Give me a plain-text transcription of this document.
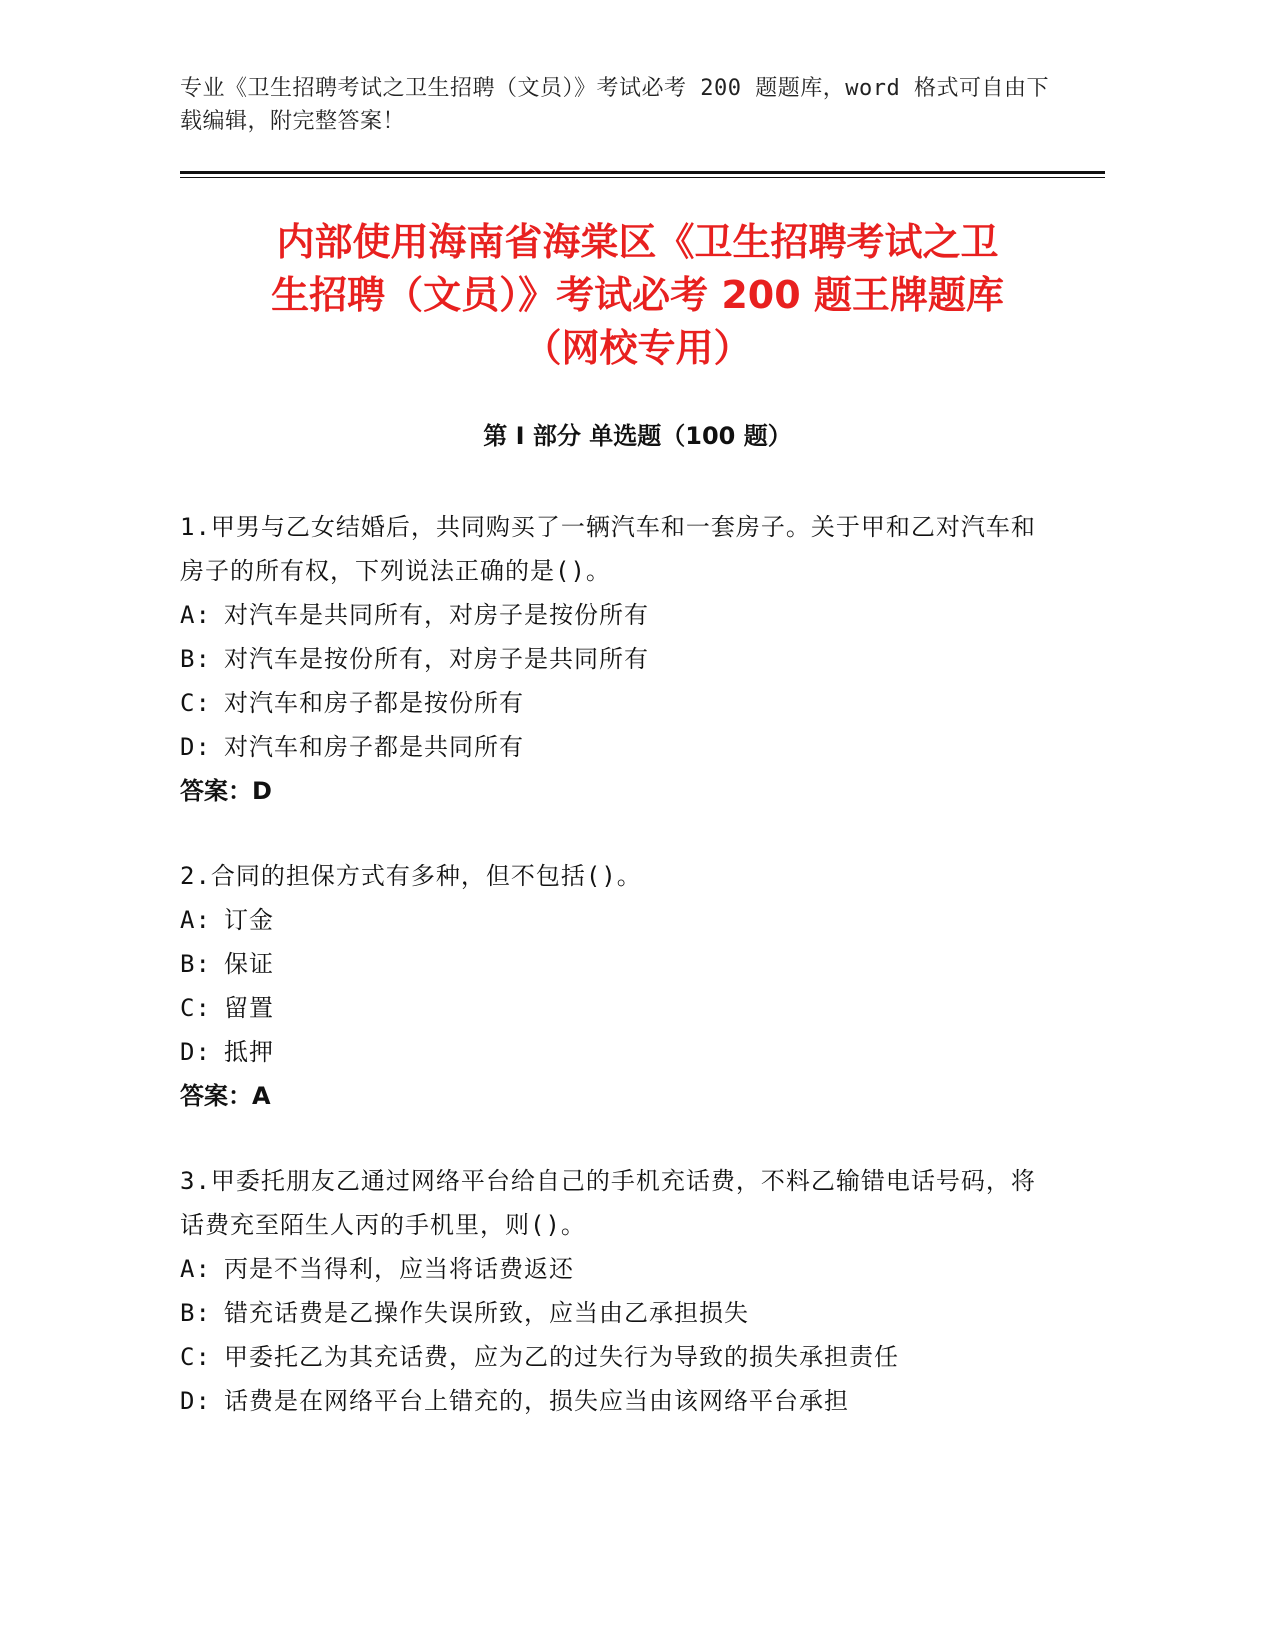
专业《卫生招聘考试之卫生招聘（文员）》考试必考 200 题题库，word 格式可自由下载编辑，附完整答案！
内部使用海南省海棠区《卫生招聘考试之卫
生招聘（文员）》考试必考 200 题王牌题库
（网校专用）
第 I 部分 单选题（100 题）
1.甲男与乙女结婚后，共同购买了一辆汽车和一套房子。关于甲和乙对汽车和房子的所有权，下列说法正确的是()。
A: 对汽车是共同所有，对房子是按份所有
B: 对汽车是按份所有，对房子是共同所有
C: 对汽车和房子都是按份所有
D: 对汽车和房子都是共同所有
答案：D
2.合同的担保方式有多种，但不包括()。
A: 订金
B: 保证
C: 留置
D: 抵押
答案：A
3.甲委托朋友乙通过网络平台给自己的手机充话费，不料乙输错电话号码，将话费充至陌生人丙的手机里，则()。
A: 丙是不当得利，应当将话费返还
B: 错充话费是乙操作失误所致，应当由乙承担损失
C: 甲委托乙为其充话费，应为乙的过失行为导致的损失承担责任
D: 话费是在网络平台上错充的，损失应当由该网络平台承担
